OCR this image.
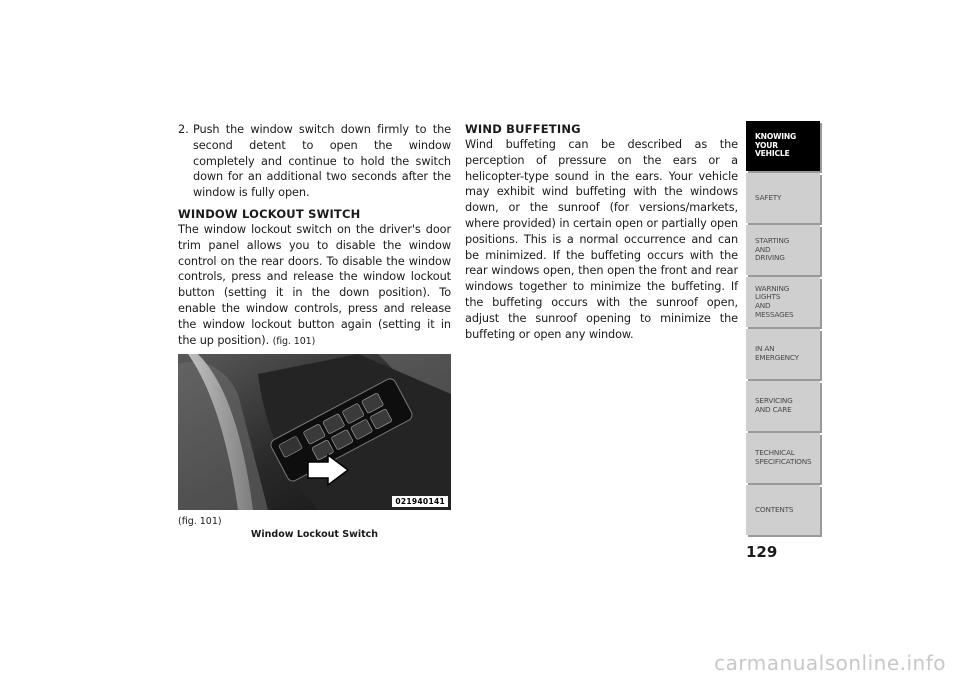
2. Push the window switch down firmly to the second detent to open the window completely and continue to hold the switch down for an additional two seconds after the window is fully open.
WINDOW LOCKOUT SWITCH

The window lockout switch on the driver's door trim panel allows you to disable the window control on the rear doors. To disable the window controls, press and release the window lockout button (setting it in the down position). To enable the window controls, press and release the window lockout button again (setting it in the up position). (fig. 101)

WIND BUFFETING

Wind buffeting can be described as the perception of pressure on the ears or a helicopter-type sound in the ears. Your vehicle may exhibit wind buffeting with the windows down, or the sunroof (for versions/markets, where provided) in certain open or partially open positions. This is a normal occurrence and can be minimized. If the buffeting occurs with the rear windows open, then open the front and rear windows together to minimize the buffeting. If the buffeting occurs with the sunroof open, adjust the sunroof opening to minimize the buffeting or open any window.

021940141
(fig. 101)
Window Lockout Switch
KNOWING
YOUR
VEHICLE
SAFETY
STARTING
AND
DRIVING
WARNING
LIGHTS
AND
MESSAGES
IN AN
EMERGENCY
SERVICING
AND CARE
TECHNICAL
SPECIFICATIONS
CONTENTS
129
carmanualsonline.info
